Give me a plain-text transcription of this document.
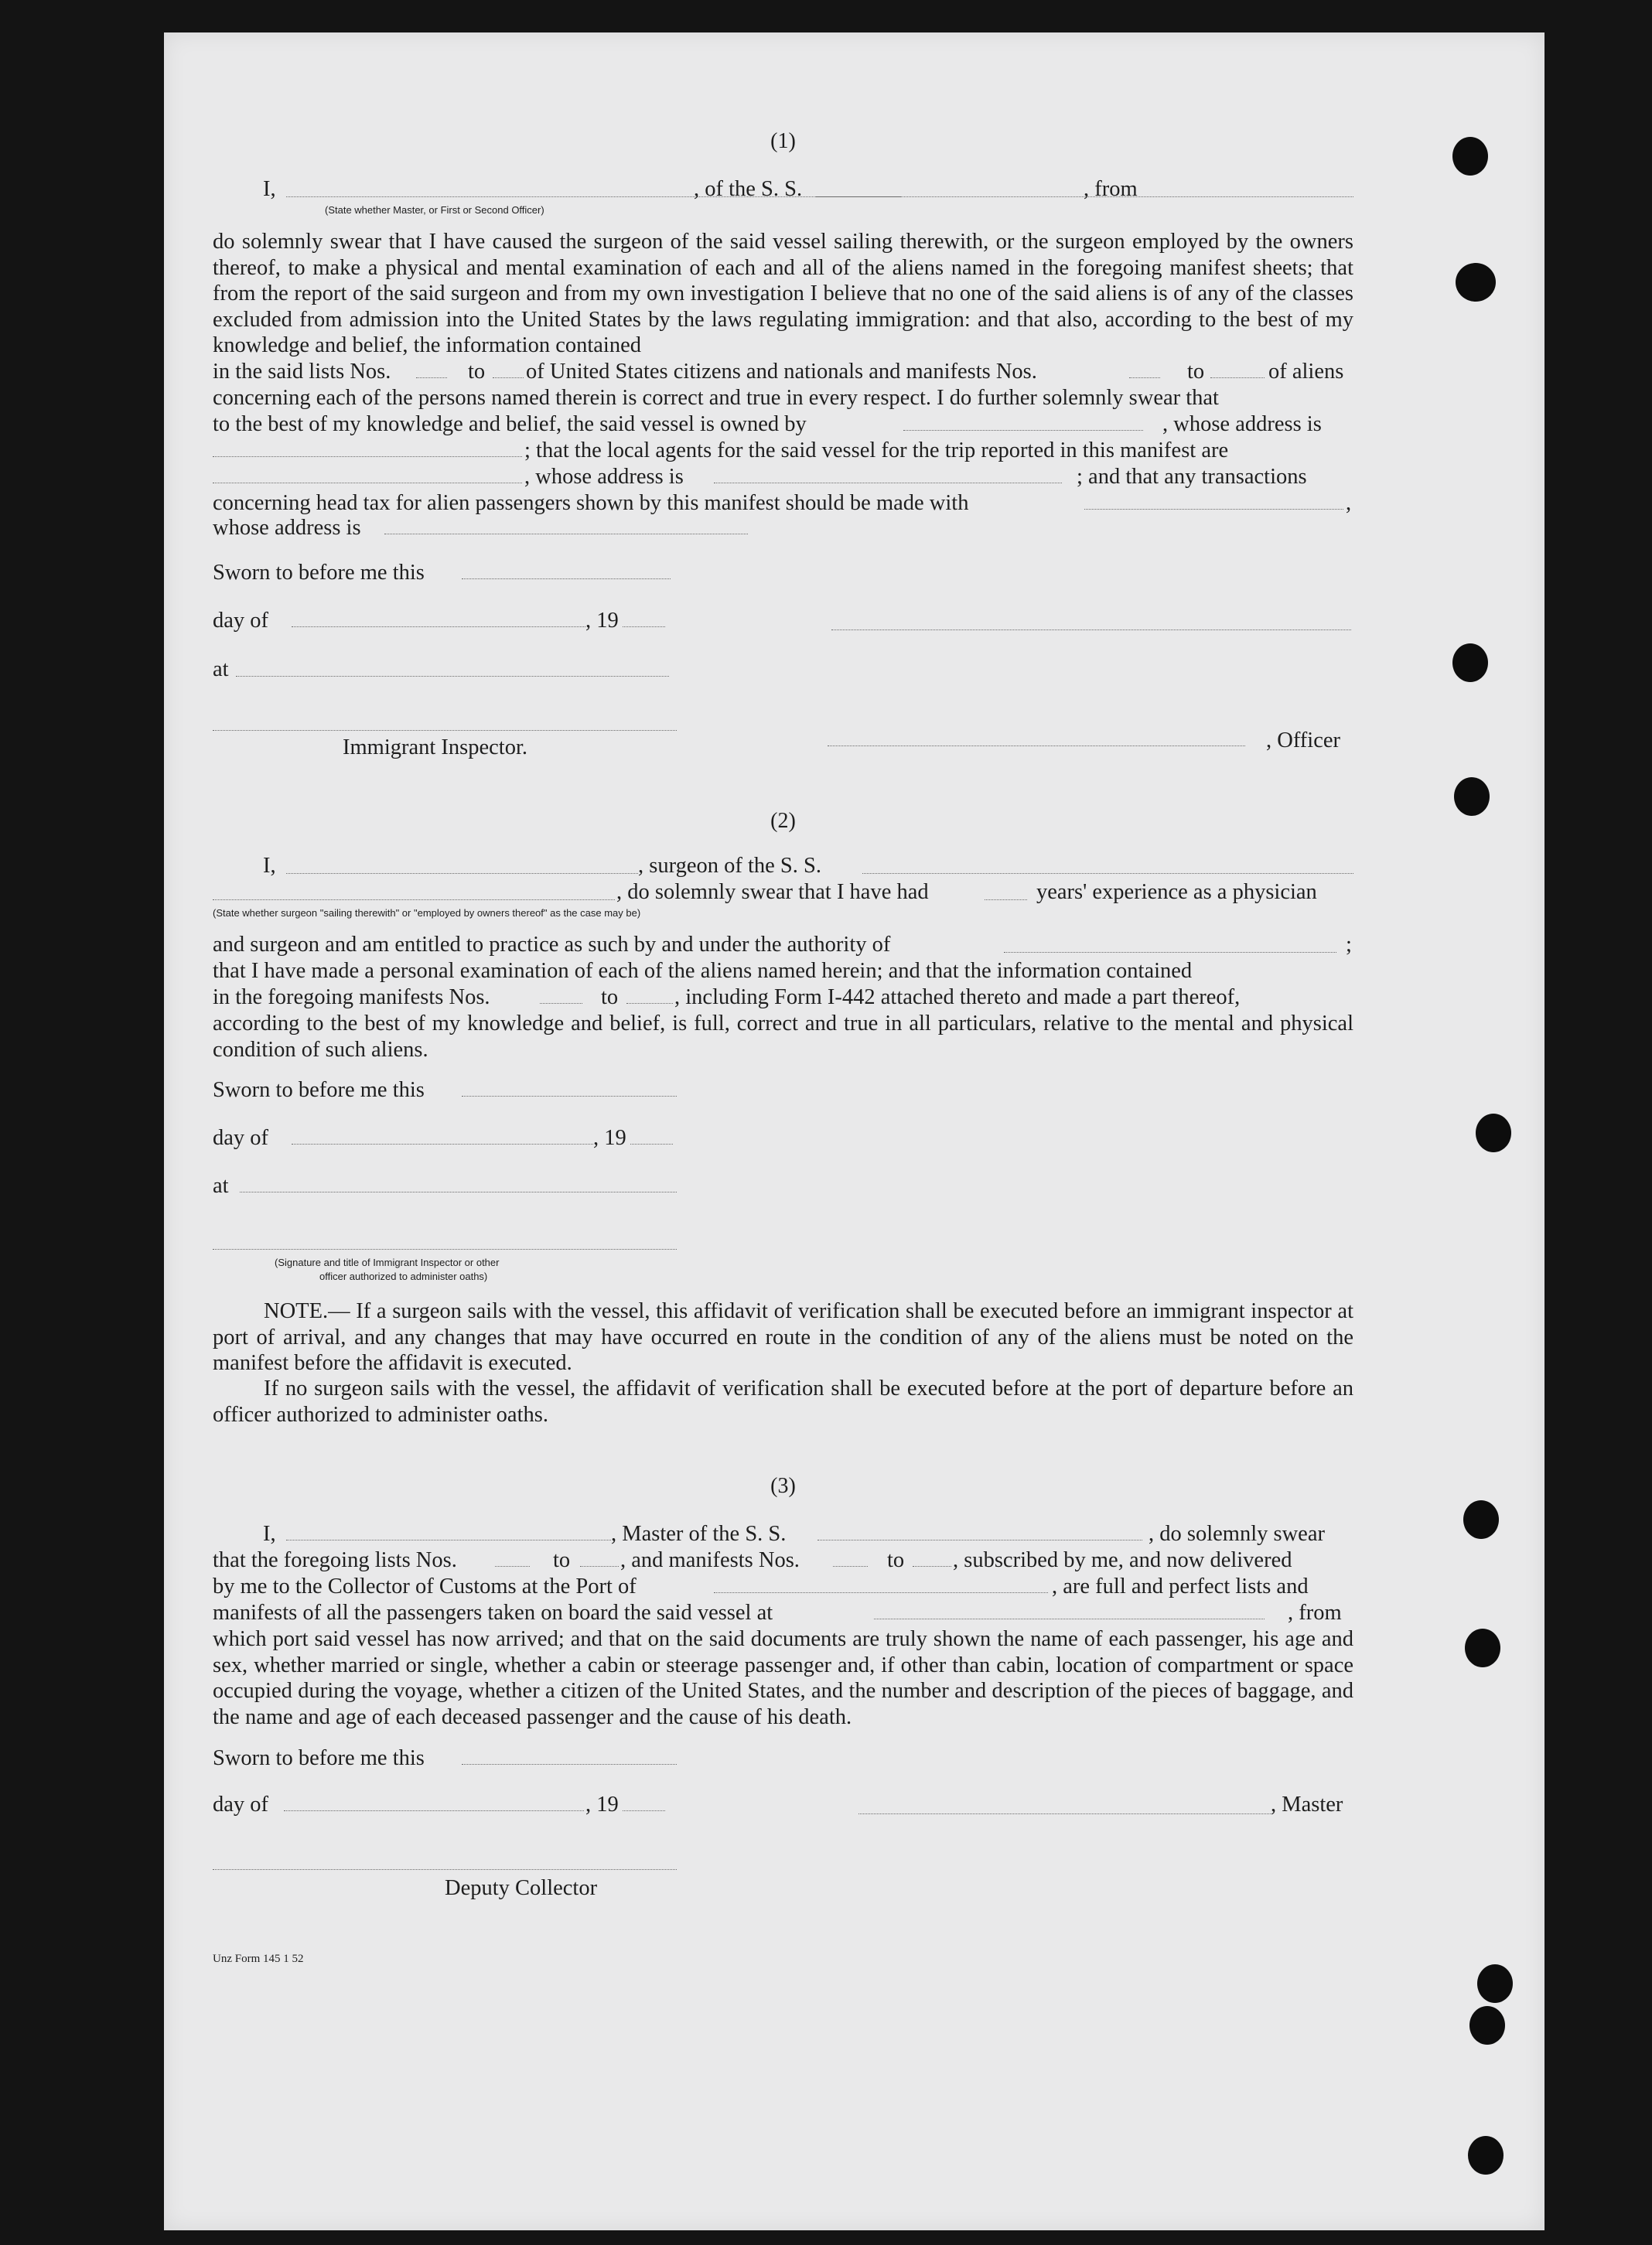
(1)
I,	, of the S. S.	, from
(State whether Master, or First or Second Officer)

do solemnly swear that I have caused the surgeon of the said vessel sailing therewith, or the surgeon employed by the owners thereof, to make a physical and mental examination of each and all of the aliens named in the foregoing manifest sheets; that from the report of the said surgeon and from my own investigation I believe that no one of the said aliens is of any of the classes excluded from admission into the United States by the laws regulating immigration: and that also, according to the best of my knowledge and belief, the information contained

in the said lists Nos.	to of United States citizens and nationals and manifests Nos.	to	of aliens
concerning each of the persons named therein is correct and true in every respect. I do further solemnly swear that
to the best of my knowledge and belief, the said vessel is owned by	, whose address is
; that the local agents for the said vessel for the trip reported in this manifest are
, whose address is	; and that any transactions
concerning head tax for alien passengers shown by this manifest should be made with	,
whose address is
Sworn to before me this
day of	, 19
at
Immigrant Inspector.	, Officer
(2)
I,	, surgeon of the S. S.
, do solemnly swear that I have had	years' experience as a physician
(State whether surgeon "sailing therewith" or "employed by owners thereof" as the case may be)
and surgeon and am entitled to practice as such by and under the authority of	;
that I have made a personal examination of each of the aliens named herein; and that the information contained
in the foregoing manifests Nos.	to	, including Form I-442 attached thereto and made a part thereof,

according to the best of my knowledge and belief, is full, correct and true in all particulars, relative to the mental and physical condition of such aliens.

Sworn to before me this
day of	, 19
at
(Signature and title of Immigrant Inspector or other
officer authorized to administer oaths)

NOTE.— If a surgeon sails with the vessel, this affidavit of verification shall be executed before an immigrant inspector at port of arrival, and any changes that may have occurred en route in the condition of any of the aliens must be noted on the manifest before the affidavit is executed.

If no surgeon sails with the vessel, the affidavit of verification shall be executed before at the port of departure before an officer authorized to administer oaths.

(3)
I,	, Master of the S. S.	, do solemnly swear
that the foregoing lists Nos.	to , and manifests Nos.	to , subscribed by me, and now delivered
by me to the Collector of Customs at the Port of	, are full and perfect lists and
manifests of all the passengers taken on board the said vessel at	, from

which port said vessel has now arrived; and that on the said documents are truly shown the name of each passenger, his age and sex, whether married or single, whether a cabin or steerage passenger and, if other than cabin, location of compartment or space occupied during the voyage, whether a citizen of the United States, and the number and description of the pieces of baggage, and the name and age of each deceased passenger and the cause of his death.

Sworn to before me this
day of	, 19	, Master
Deputy Collector
Unz Form 145 1 52
